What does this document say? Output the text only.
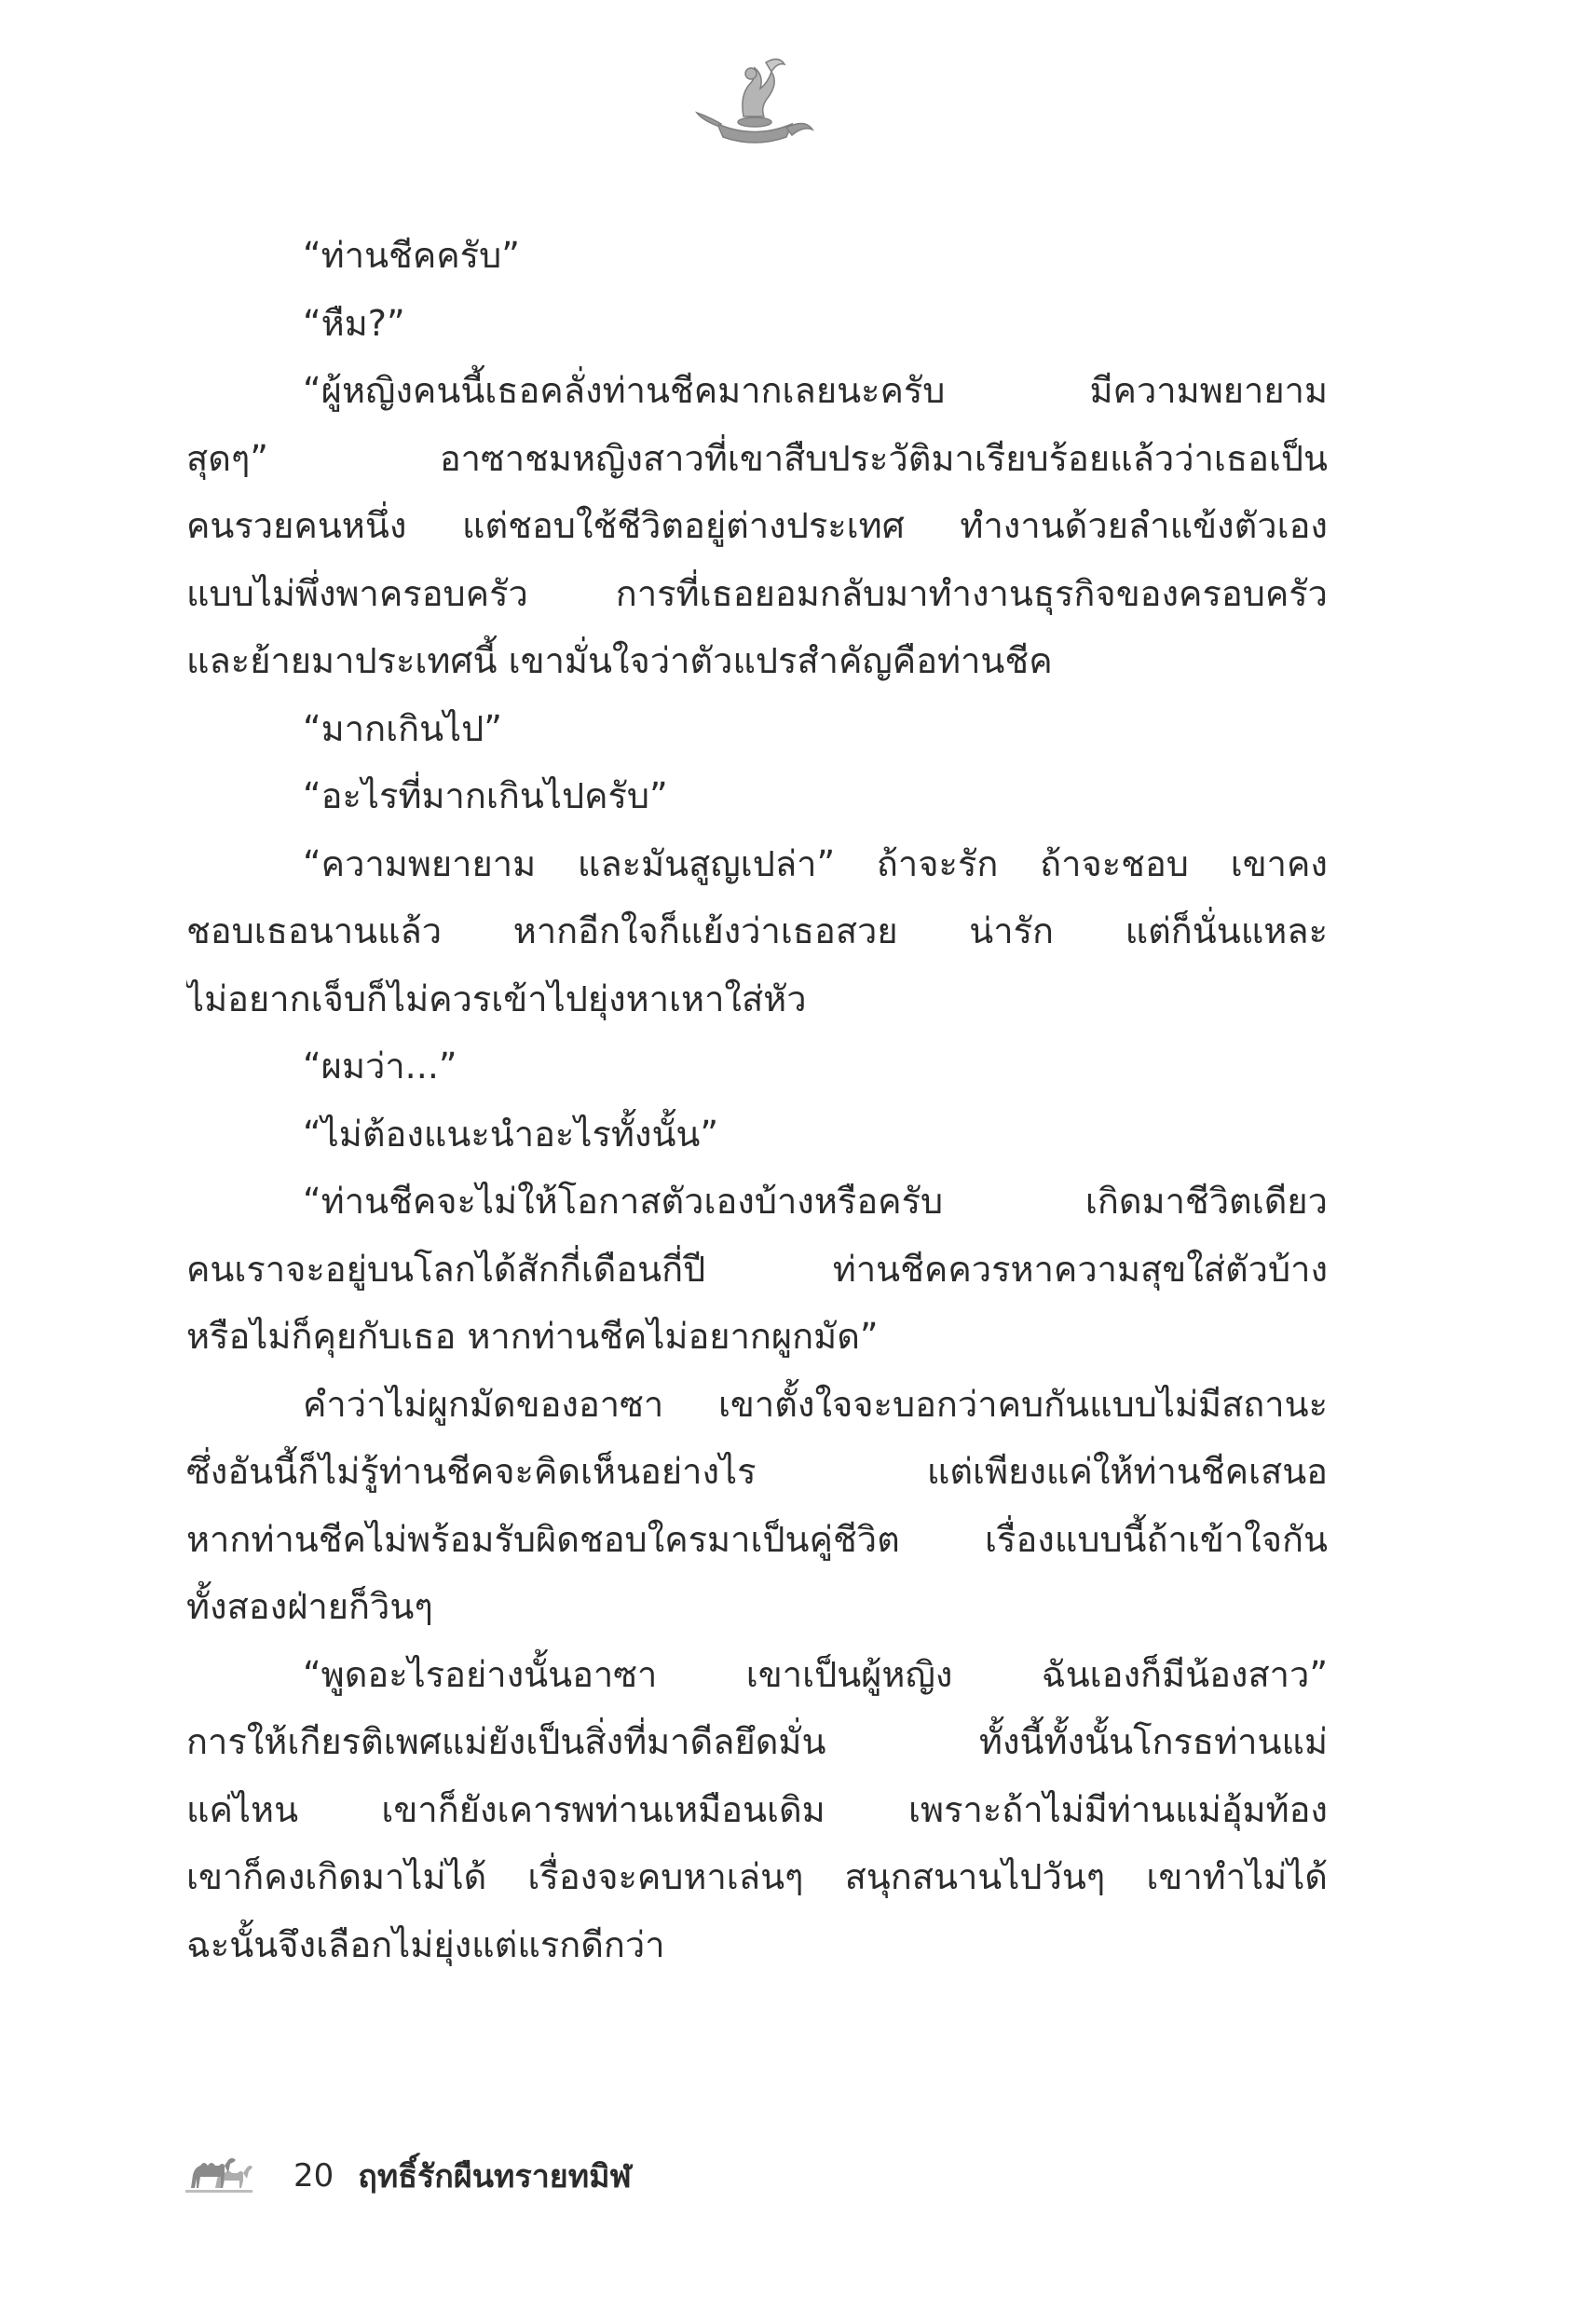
“ท่านชีคครับ”
“หืม?”
“ผู้หญิงคนนี้เธอคลั่งท่านชีคมากเลยนะครับ มีความพยายาม
สุดๆ” อาซาชมหญิงสาวที่เขาสืบประวัติมาเรียบร้อยแล้วว่าเธอเป็น
คนรวยคนหนึ่ง แต่ชอบใช้ชีวิตอยู่ต่างประเทศ ทำงานด้วยลำแข้งตัวเอง
แบบไม่พึ่งพาครอบครัว การที่เธอยอมกลับมาทำงานธุรกิจของครอบครัว
และย้ายมาประเทศนี้ เขามั่นใจว่าตัวแปรสำคัญคือท่านชีค
“มากเกินไป”
“อะไรที่มากเกินไปครับ”
“ความพยายาม และมันสูญเปล่า” ถ้าจะรัก ถ้าจะชอบ เขาคง
ชอบเธอนานแล้ว หากอีกใจก็แย้งว่าเธอสวย น่ารัก แต่ก็นั่นแหละ
ไม่อยากเจ็บก็ไม่ควรเข้าไปยุ่งหาเหาใส่หัว
“ผมว่า...”
“ไม่ต้องแนะนำอะไรทั้งนั้น”
“ท่านชีคจะไม่ให้โอกาสตัวเองบ้างหรือครับ เกิดมาชีวิตเดียว
คนเราจะอยู่บนโลกได้สักกี่เดือนกี่ปี ท่านชีคควรหาความสุขใส่ตัวบ้าง
หรือไม่ก็คุยกับเธอ หากท่านชีคไม่อยากผูกมัด”
คำว่าไม่ผูกมัดของอาซา เขาตั้งใจจะบอกว่าคบกันแบบไม่มีสถานะ
ซึ่งอันนี้ก็ไม่รู้ท่านชีคจะคิดเห็นอย่างไร แต่เพียงแค่ให้ท่านชีคเสนอ
หากท่านชีคไม่พร้อมรับผิดชอบใครมาเป็นคู่ชีวิต เรื่องแบบนี้ถ้าเข้าใจกัน
ทั้งสองฝ่ายก็วินๆ
“พูดอะไรอย่างนั้นอาซา เขาเป็นผู้หญิง ฉันเองก็มีน้องสาว”
การให้เกียรติเพศแม่ยังเป็นสิ่งที่มาดีลยึดมั่น ทั้งนี้ทั้งนั้นโกรธท่านแม่
แค่ไหน เขาก็ยังเคารพท่านเหมือนเดิม เพราะถ้าไม่มีท่านแม่อุ้มท้อง
เขาก็คงเกิดมาไม่ได้ เรื่องจะคบหาเล่นๆ สนุกสนานไปวันๆ เขาทำไม่ได้
ฉะนั้นจึงเลือกไม่ยุ่งแต่แรกดีกว่า
20 ฤทธิ์รักผืนทรายทมิฬ
